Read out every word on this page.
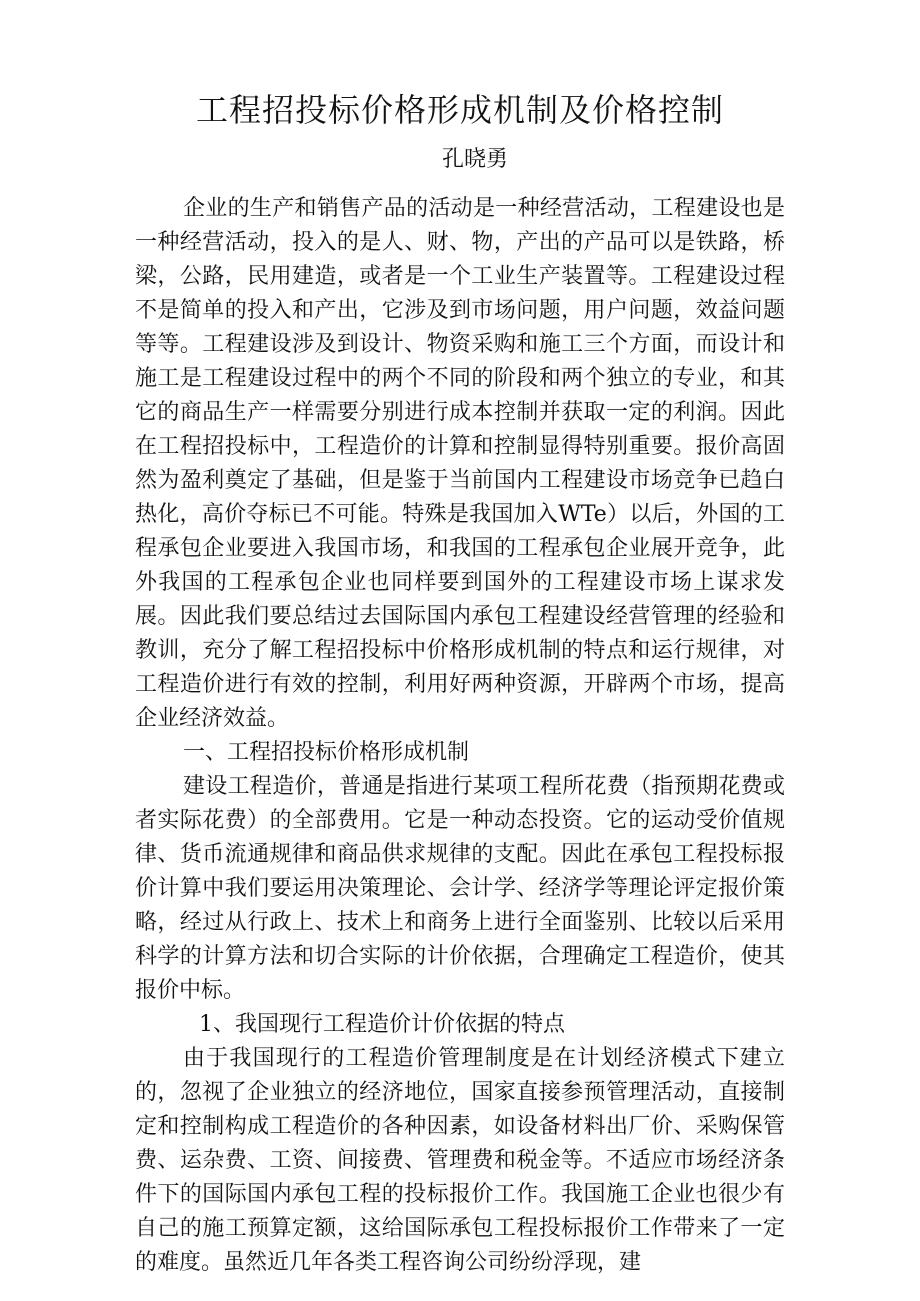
工程招投标价格形成机制及价格控制
孔晓勇

企业的生产和销售产品的活动是一种经营活动，工程建设也是一种经营活动，投入的是人、财、物，产出的产品可以是铁路，桥梁，公路，民用建造，或者是一个工业生产装置等。工程建设过程不是简单的投入和产出，它涉及到市场问题，用户问题，效益问题等等。工程建设涉及到设计、物资采购和施工三个方面，而设计和施工是工程建设过程中的两个不同的阶段和两个独立的专业，和其它的商品生产一样需要分别进行成本控制并获取一定的利润。因此在工程招投标中，工程造价的计算和控制显得特别重要。报价高固然为盈利奠定了基础，但是鉴于当前国内工程建设市场竞争已趋白热化，高价夺标已不可能。特殊是我国加入WTe）以后，外国的工程承包企业要进入我国市场，和我国的工程承包企业展开竞争，此外我国的工程承包企业也同样要到国外的工程建设市场上谋求发展。因此我们要总结过去国际国内承包工程建设经营管理的经验和教训，充分了解工程招投标中价格形成机制的特点和运行规律，对工程造价进行有效的控制，利用好两种资源，开辟两个市场，提高企业经济效益。

一、工程招投标价格形成机制

建设工程造价，普通是指进行某项工程所花费（指预期花费或者实际花费）的全部费用。它是一种动态投资。它的运动受价值规律、货币流通规律和商品供求规律的支配。因此在承包工程投标报价计算中我们要运用决策理论、会计学、经济学等理论评定报价策略，经过从行政上、技术上和商务上进行全面鉴别、比较以后采用科学的计算方法和切合实际的计价依据，合理确定工程造价，使其报价中标。

1、我国现行工程造价计价依据的特点

由于我国现行的工程造价管理制度是在计划经济模式下建立的，忽视了企业独立的经济地位，国家直接参预管理活动，直接制定和控制构成工程造价的各种因素，如设备材料出厂价、采购保管费、运杂费、工资、间接费、管理费和税金等。不适应市场经济条件下的国际国内承包工程的投标报价工作。我国施工企业也很少有自己的施工预算定额，这给国际承包工程投标报价工作带来了一定的难度。虽然近几年各类工程咨询公司纷纷浮现，建
